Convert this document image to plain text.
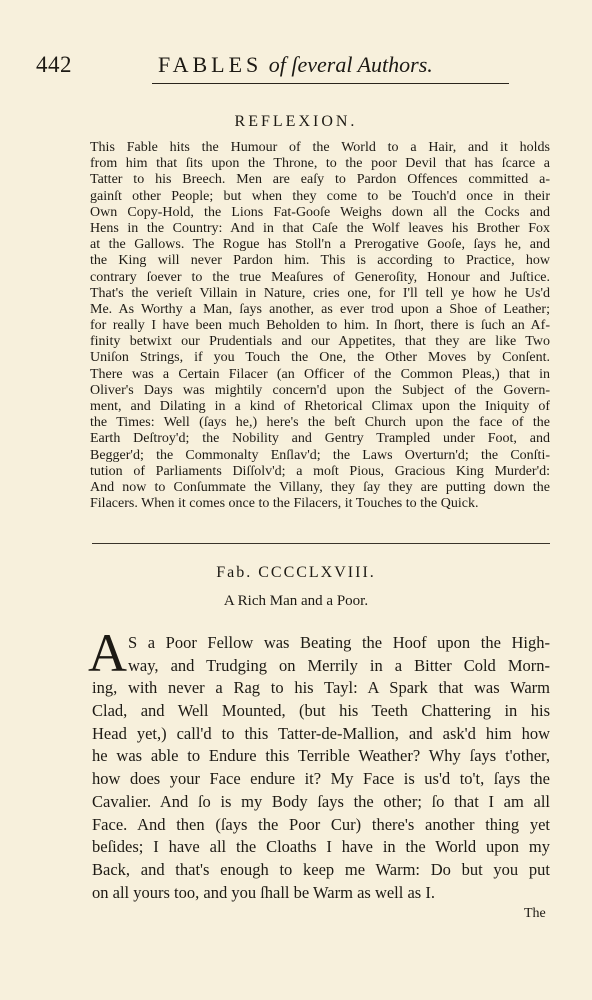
442	FABLES of ſeveral Authors.
REFLEXION.
This Fable hits the Humour of the World to a Hair, and it holds
from him that ſits upon the Throne, to the poor Devil that has ſcarce a
Tatter to his Breech. Men are eaſy to Pardon Offences committed a-
gainſt other People; but when they come to be Touch'd once in their
Own Copy-Hold, the Lions Fat-Gooſe Weighs down all the Cocks and
Hens in the Country: And in that Caſe the Wolf leaves his Brother Fox
at the Gallows. The Rogue has Stoll'n a Prerogative Gooſe, ſays he, and
the King will never Pardon him. This is according to Practice, how
contrary ſoever to the true Meaſures of Generoſity, Honour and Juſtice.
That's the verieſt Villain in Nature, cries one, for I'll tell ye how he Us'd
Me. As Worthy a Man, ſays another, as ever trod upon a Shoe of Leather;
for really I have been much Beholden to him. In ſhort, there is ſuch an Af-
finity betwixt our Prudentials and our Appetites, that they are like Two
Uniſon Strings, if you Touch the One, the Other Moves by Conſent.
There was a Certain Filacer (an Officer of the Common Pleas,) that in
Oliver's Days was mightily concern'd upon the Subject of the Govern-
ment, and Dilating in a kind of Rhetorical Climax upon the Iniquity of
the Times: Well (ſays he,) here's the beſt Church upon the face of the
Earth Deſtroy'd; the Nobility and Gentry Trampled under Foot, and
Begger'd; the Commonalty Enſlav'd; the Laws Overturn'd; the Conſti-
tution of Parliaments Diſſolv'd; a moſt Pious, Gracious King Murder'd:
And now to Conſummate the Villany, they ſay they are putting down the
Filacers. When it comes once to the Filacers, it Touches to the Quick.
Fab. CCCCLXVIII.
A Rich Man and a Poor.
A S a Poor Fellow was Beating the Hoof upon the High-
way, and Trudging on Merrily in a Bitter Cold Morn-
ing, with never a Rag to his Tayl: A Spark that was Warm
Clad, and Well Mounted, (but his Teeth Chattering in his
Head yet,) call'd to this Tatter-de-Mallion, and ask'd him how
he was able to Endure this Terrible Weather? Why ſays t'other,
how does your Face endure it? My Face is us'd to't, ſays the
Cavalier. And ſo is my Body ſays the other; ſo that I am all
Face. And then (ſays the Poor Cur) there's another thing yet
beſides; I have all the Cloaths I have in the World upon my
Back, and that's enough to keep me Warm: Do but you put
on all yours too, and you ſhall be Warm as well as I.
The
